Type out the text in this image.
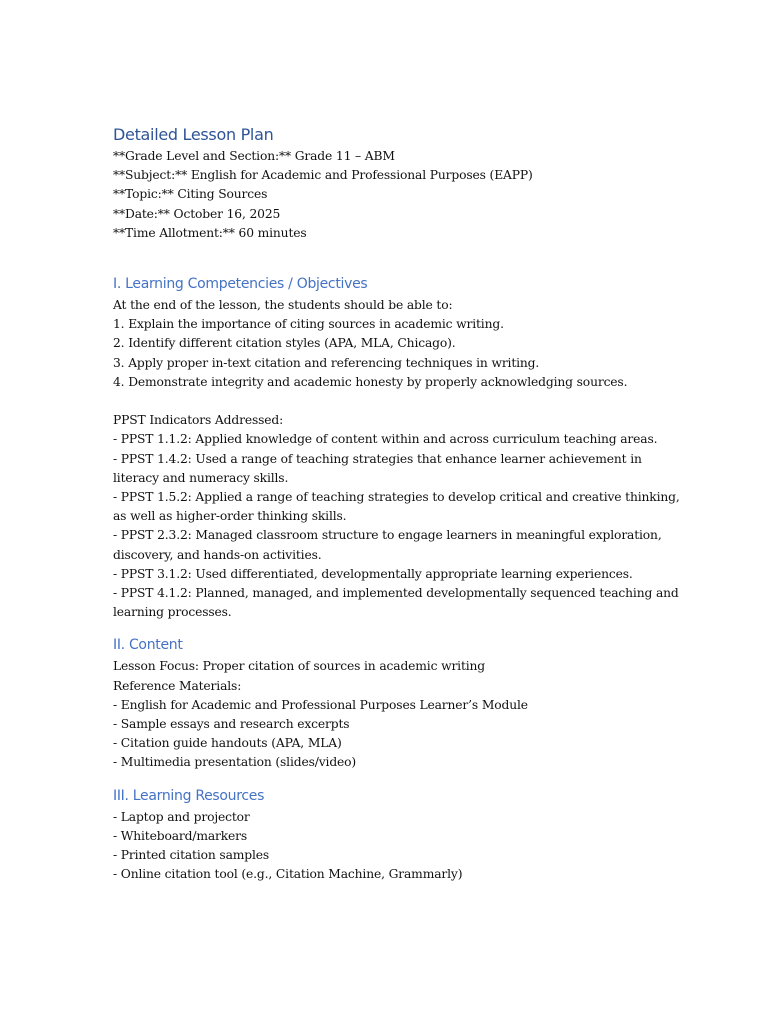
Detailed Lesson Plan
**Grade Level and Section:** Grade 11 – ABM
**Subject:** English for Academic and Professional Purposes (EAPP)
**Topic:** Citing Sources
**Date:** October 16, 2025
**Time Allotment:** 60 minutes
I. Learning Competencies / Objectives
At the end of the lesson, the students should be able to:
1. Explain the importance of citing sources in academic writing.
2. Identify different citation styles (APA, MLA, Chicago).
3. Apply proper in-text citation and referencing techniques in writing.
4. Demonstrate integrity and academic honesty by properly acknowledging sources.
PPST Indicators Addressed:
- PPST 1.1.2: Applied knowledge of content within and across curriculum teaching areas.
- PPST 1.4.2: Used a range of teaching strategies that enhance learner achievement in
literacy and numeracy skills.
- PPST 1.5.2: Applied a range of teaching strategies to develop critical and creative thinking,
as well as higher-order thinking skills.
- PPST 2.3.2: Managed classroom structure to engage learners in meaningful exploration,
discovery, and hands-on activities.
- PPST 3.1.2: Used differentiated, developmentally appropriate learning experiences.
- PPST 4.1.2: Planned, managed, and implemented developmentally sequenced teaching and
learning processes.
II. Content
Lesson Focus: Proper citation of sources in academic writing
Reference Materials:
- English for Academic and Professional Purposes Learner’s Module
- Sample essays and research excerpts
- Citation guide handouts (APA, MLA)
- Multimedia presentation (slides/video)
III. Learning Resources
- Laptop and projector
- Whiteboard/markers
- Printed citation samples
- Online citation tool (e.g., Citation Machine, Grammarly)
